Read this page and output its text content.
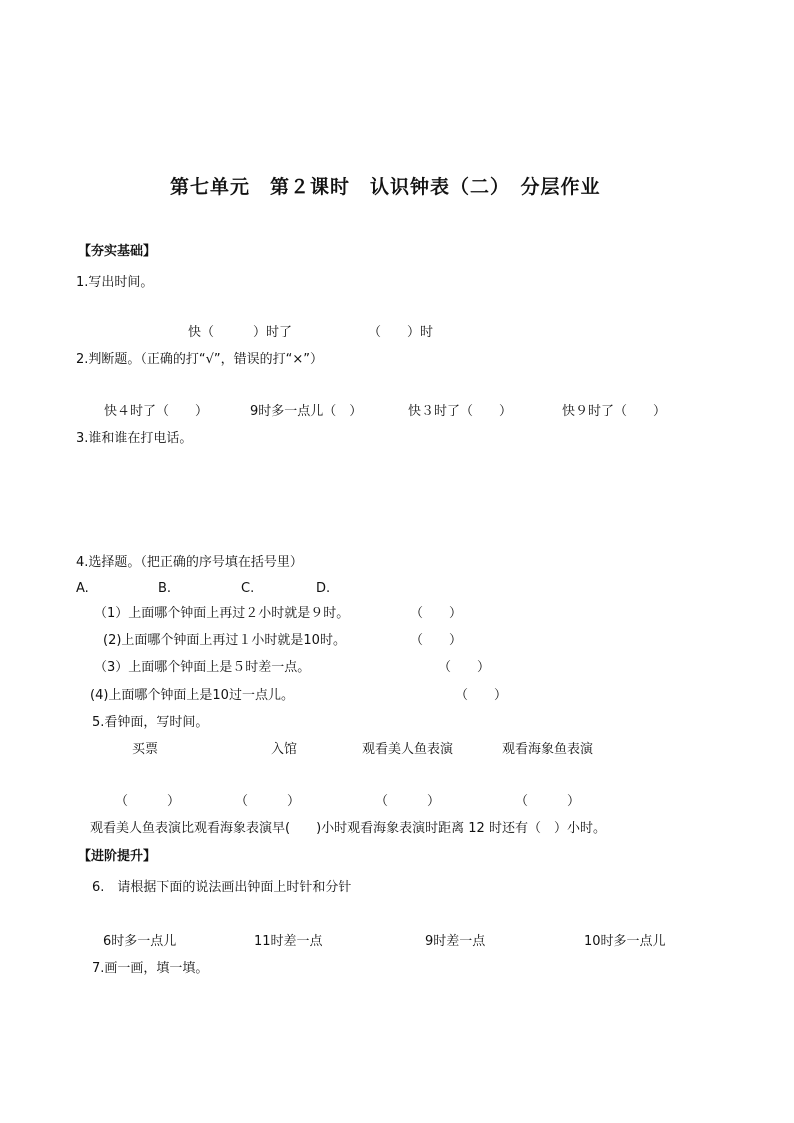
第七单元　第２课时　认识钟表（二）　分层作业
【夯实基础】
1.写出时间。
快（　　　）时了	（　　）时
2.判断题。（正确的打“√”，错误的打“×”）
快４时了（　　）	9时多一点儿（　）	快３时了（　　）	快９时了（　　）
3.谁和谁在打电话。
4.选择题。（把正确的序号填在括号里）
A.	B.	C.	D.
（1）上面哪个钟面上再过２小时就是９时。	（　　）
(2)上面哪个钟面上再过１小时就是10时。	（　　）
（3）上面哪个钟面上是５时差一点。	（　　）
(4)上面哪个钟面上是10过一点儿。	（　　）
5.看钟面，写时间。
买票	入馆	观看美人鱼表演	观看海象鱼表演
（　　　）	（　　　）	（　　　）	（　　　）
观看美人鱼表演比观看海象表演早(　　)小时观看海象表演时距离 12 时还有（　）小时。
【进阶提升】
6.　请根据下面的说法画出钟面上时针和分针
6时多一点儿	11时差一点	9时差一点	10时多一点儿
7.画一画，填一填。
